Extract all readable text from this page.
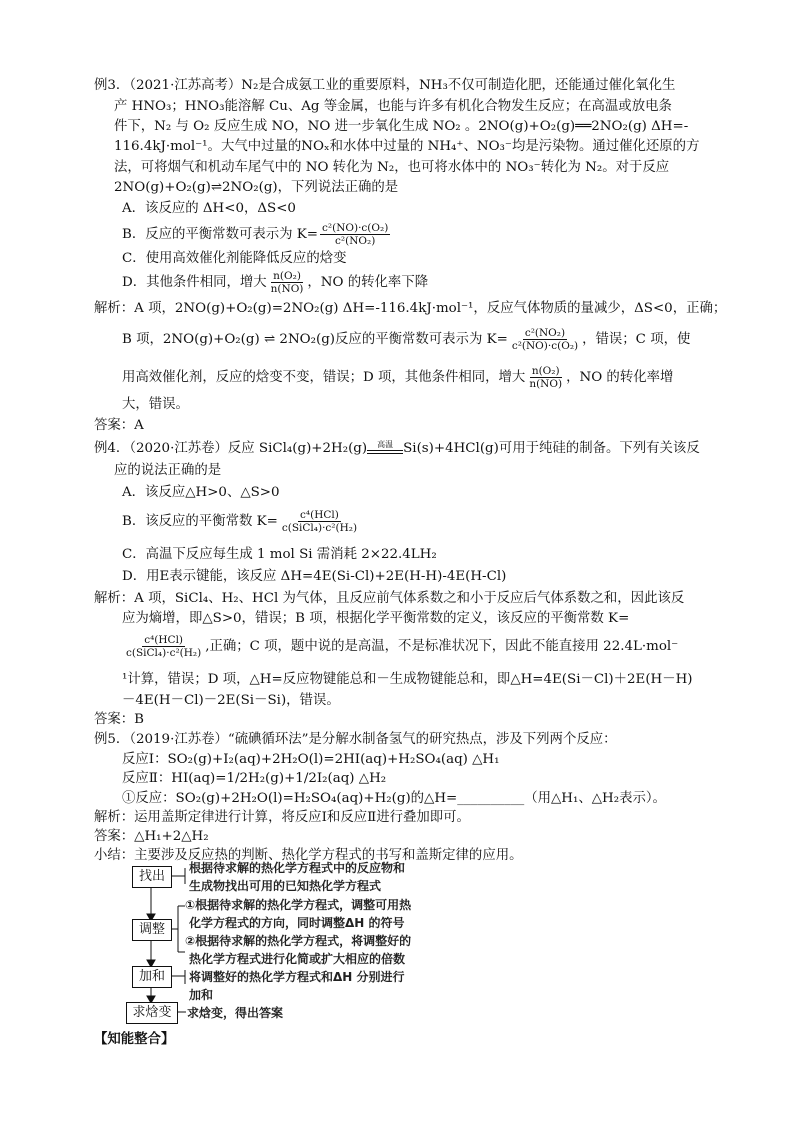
例3．（2021·江苏高考）N₂是合成氨工业的重要原料，NH₃不仅可制造化肥，还能通过催化氧化生
产 HNO₃；HNO₃能溶解 Cu、Ag 等金属，也能与许多有机化合物发生反应；在高温或放电条
件下，N₂ 与 O₂ 反应生成 NO，NO 进一步氧化生成 NO₂ 。2NO(g)+O₂(g)══2NO₂(g) ΔH=-
116.4kJ·mol⁻¹。大气中过量的NOₓ和水体中过量的 NH₄⁺、NO₃⁻均是污染物。通过催化还原的方
法，可将烟气和机动车尾气中的 NO 转化为 N₂，也可将水体中的 NO₃⁻转化为 N₂。对于反应
2NO(g)+O₂(g)⇌2NO₂(g)，下列说法正确的是
A．该反应的 ΔH<0，ΔS<0
B．反应的平衡常数可表示为 $K= \frac{\text{c²(NO)·c(O₂)}}{\text{c²(NO₂)}}$
C．使用高效催化剂能降低反应的焓变
D．其他条件相同，增大 $\frac{\text{n(O₂)}}{n(NO)}$ ，NO 的转化率下降
解析：A 项，2NO(g)+O₂(g)=2NO₂(g) ΔH=-116.4kJ·mol⁻¹，反应气体物质的量减少，ΔS<0，正确；
B 项，2NO(g)+O₂(g) ⇌ 2NO₂(g)反应的平衡常数可表示为 $K= \frac{\text{c²(NO₂)}}{\text{c²(NO)·c(O₂)}}$ ，错误；C 项，使
用高效催化剂，反应的焓变不变，错误；D 项，其他条件相同，增大 $\frac{\text{n(O₂)}}{n(NO)}$ ，NO 的转化率增
大，错误。
答案：A
例4．（2020·江苏卷）反应 SiCl₄(g)+2H₂(g)	高温 Si(s)+4HCl(g)可用于纯硅的制备。下列有关该反
应的说法正确的是
A．该反应△H>0、△S>0
B．该反应的平衡常数 $K= \frac{\text{c⁴(HCl)}}{\text{c(SiCl₄)·c²(H₂)}}$
C．高温下反应每生成 1 mol Si 需消耗 2×22.4LH₂
D．用E表示键能，该反应 ΔH=4E(Si-Cl)+2E(H-H)-4E(H-Cl)
解析：A 项，SiCl₄、H₂、HCl 为气体，且反应前气体系数之和小于反应后气体系数之和，因此该反
应为熵增，即△S>0，错误；B 项，根据化学平衡常数的定义，该反应的平衡常数 K=
$\frac{\text{c⁴(HCl)}}{\text{c(SiCl₄)·c²(H₂)}}$ ,正确；C 项，题中说的是高温，不是标准状况下，因此不能直接用 22.4L·mol⁻
¹计算，错误；D 项，△H=反应物键能总和－生成物键能总和，即△H=4E(Si－Cl)＋2E(H－H)
－4E(H－Cl)－2E(Si－Si)，错误。
答案：B
例5．（2019·江苏卷）“硫碘循环法”是分解水制备氢气的研究热点，涉及下列两个反应：
反应Ⅰ：SO₂(g)+I₂(aq)+2H₂O(l)=2HI(aq)+H₂SO₄(aq) △H₁
反应Ⅱ：HI(aq)=1/2H₂(g)+1/2I₂(aq) △H₂
①反应：SO₂(g)+2H₂O(l)=H₂SO₄(aq)+H₂(g)的△H=__________（用△H₁、△H₂表示）。
解析：运用盖斯定律进行计算，将反应Ⅰ和反应Ⅱ进行叠加即可。
答案：△H₁+2△H₂
小结：主要涉及反应热的判断、热化学方程式的书写和盖斯定律的应用。
找出
根据待求解的热化学方程式中的反应物和
生成物找出可用的已知热化学方程式
调整
①根据待求解的热化学方程式，调整可用热
化学方程式的方向，同时调整ΔH 的符号
②根据待求解的热化学方程式，将调整好的
热化学方程式进行化简或扩大相应的倍数
加和	将调整好的热化学方程式和ΔH 分别进行
加和
求焓变	求焓变，得出答案
【知能整合】
